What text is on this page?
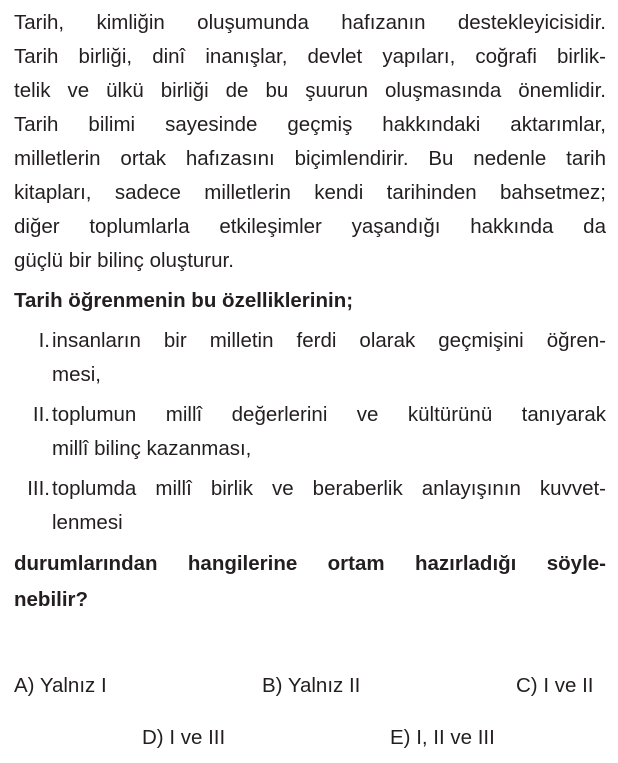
Tarih, kimliğin oluşumunda hafızanın destekleyicisidir.
Tarih birliği, dinî inanışlar, devlet yapıları, coğrafi birlik-
telik ve ülkü birliği de bu şuurun oluşmasında önemlidir.
Tarih bilimi sayesinde geçmiş hakkındaki aktarımlar,
milletlerin ortak hafızasını biçimlendirir. Bu nedenle tarih
kitapları, sadece milletlerin kendi tarihinden bahsetmez;
diğer toplumlarla etkileşimler yaşandığı hakkında da
güçlü bir bilinç oluşturur.
Tarih öğrenmenin bu özelliklerinin;
I. insanların bir milletin ferdi olarak geçmişini öğren-
mesi,
II. toplumun millî değerlerini ve kültürünü tanıyarak
millî bilinç kazanması,
III. toplumda millî birlik ve beraberlik anlayışının kuvvet-
lenmesi
durumlarından hangilerine ortam hazırladığı söyle-
nebilir?
A) Yalnız I	B) Yalnız II	C) I ve II
D) I ve III	E) I, II ve III
